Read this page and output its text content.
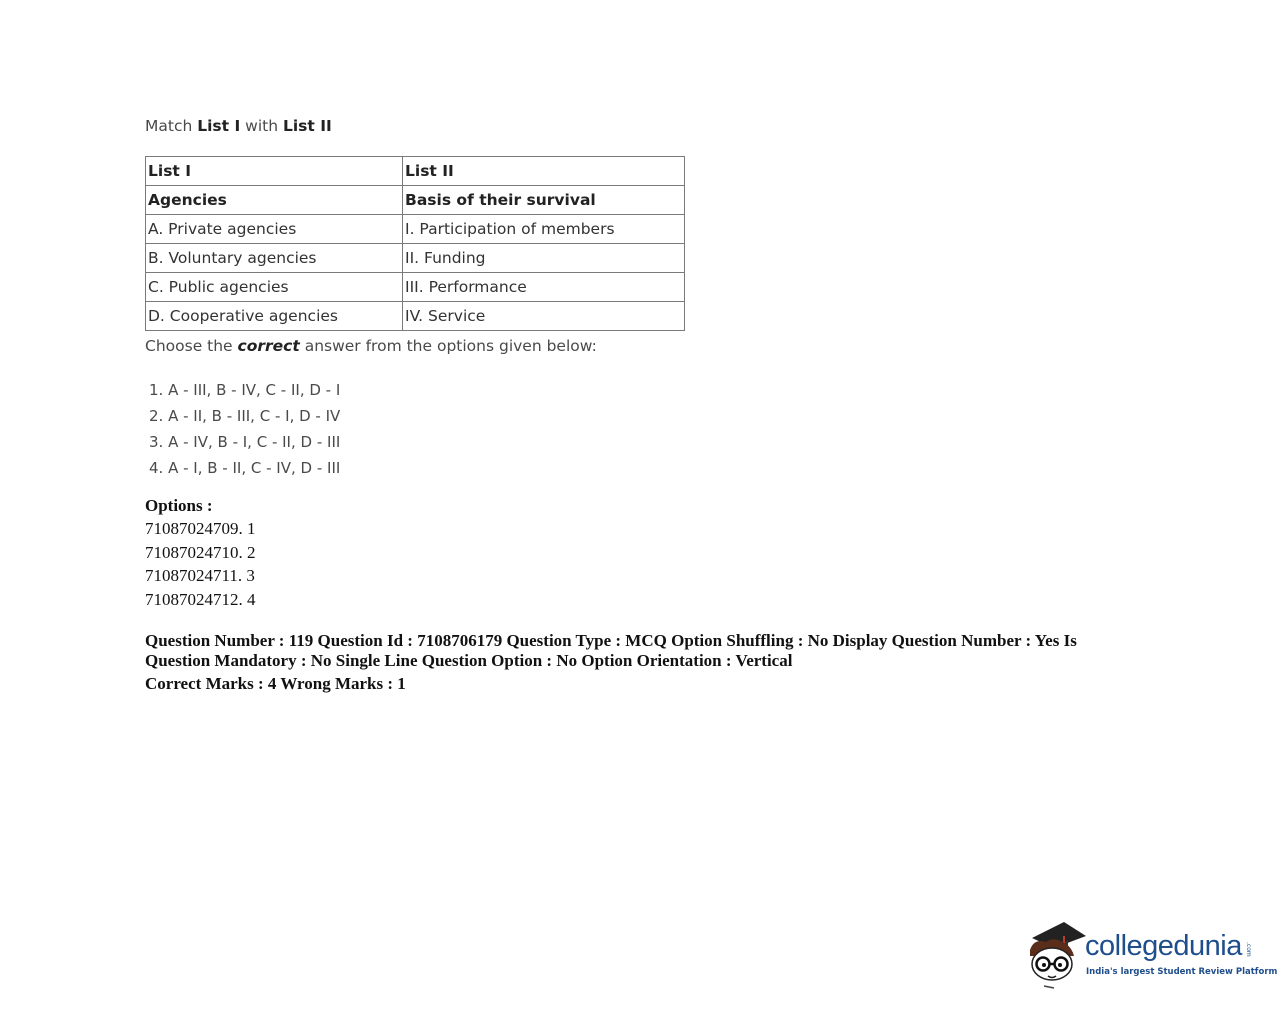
Match List I with List II

List I	List II
Agencies	Basis of their survival
A. Private agencies	I. Participation of members
B. Voluntary agencies	II. Funding
C. Public agencies	III. Performance
D. Cooperative agencies	IV. Service

Choose the correct answer from the options given below:

1. A - III, B - IV, C - II, D - I
2. A - II, B - III, C - I, D - IV
3. A - IV, B - I, C - II, D - III
4. A - I, B - II, C - IV, D - III
Options :
71087024709. 1
71087024710. 2
71087024711. 3
71087024712. 4
Question Number : 119 Question Id : 7108706179 Question Type : MCQ Option Shuffling : No Display Question Number : Yes Is Question Mandatory : No Single Line Question Option : No Option Orientation : Vertical
Correct Marks : 4 Wrong Marks : 1
collegedunia .com
India's largest Student Review Platform
